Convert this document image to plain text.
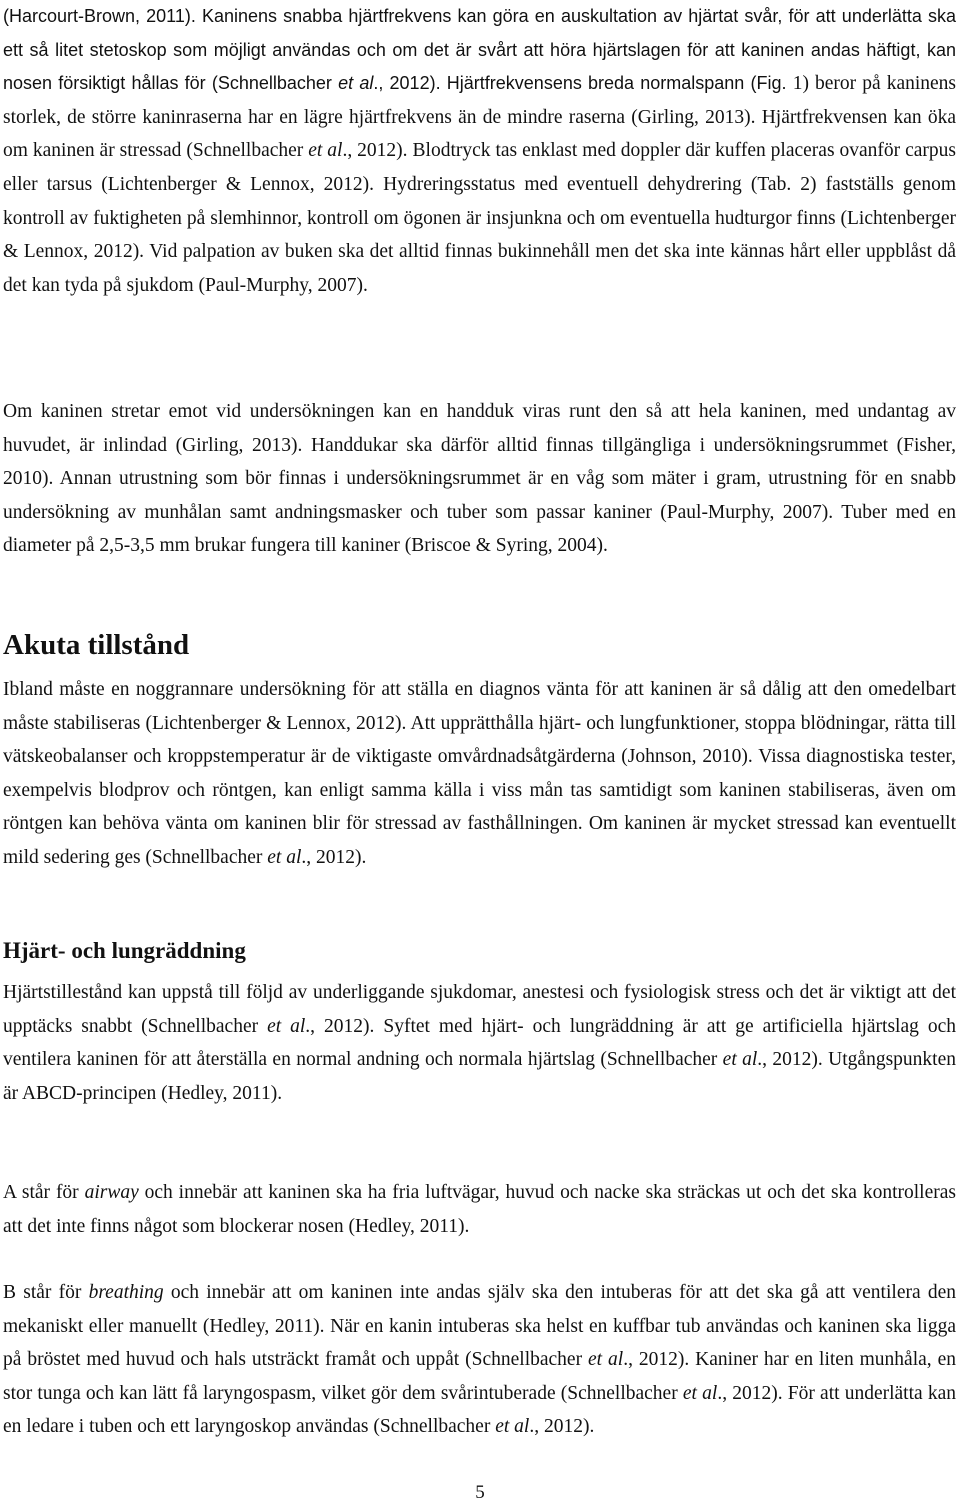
(Harcourt-Brown, 2011). Kaninens snabba hjärtfrekvens kan göra en auskultation av hjärtat svår, för att underlätta ska ett så litet stetoskop som möjligt användas och om det är svårt att höra hjärtslagen för att kaninen andas häftigt, kan nosen försiktigt hållas för (Schnellbacher et al., 2012). Hjärtfrekvensens breda normalspann (Fig. 1) beror på kaninens storlek, de större kaninraserna har en lägre hjärtfrekvens än de mindre raserna (Girling, 2013). Hjärtfrekvensen kan öka om kaninen är stressad (Schnellbacher et al., 2012). Blodtryck tas enklast med doppler där kuffen placeras ovanför carpus eller tarsus (Lichtenberger & Lennox, 2012). Hydreringsstatus med eventuell dehydrering (Tab. 2) fastställs genom kontroll av fuktigheten på slemhinnor, kontroll om ögonen är insjunkna och om eventuella hudturgor finns (Lichtenberger & Lennox, 2012). Vid palpation av buken ska det alltid finnas bukinnehåll men det ska inte kännas hårt eller uppblåst då det kan tyda på sjukdom (Paul-Murphy, 2007).

Om kaninen stretar emot vid undersökningen kan en handduk viras runt den så att hela kaninen, med undantag av huvudet, är inlindad (Girling, 2013). Handdukar ska därför alltid finnas tillgängliga i undersökningsrummet (Fisher, 2010). Annan utrustning som bör finnas i undersökningsrummet är en våg som mäter i gram, utrustning för en snabb undersökning av munhålan samt andningsmasker och tuber som passar kaniner (Paul-Murphy, 2007). Tuber med en diameter på 2,5-3,5 mm brukar fungera till kaniner (Briscoe & Syring, 2004).

Akuta tillstånd

Ibland måste en noggrannare undersökning för att ställa en diagnos vänta för att kaninen är så dålig att den omedelbart måste stabiliseras (Lichtenberger & Lennox, 2012). Att upprätthålla hjärt- och lungfunktioner, stoppa blödningar, rätta till vätskeobalanser och kroppstemperatur är de viktigaste omvårdnadsåtgärderna (Johnson, 2010). Vissa diagnostiska tester, exempelvis blodprov och röntgen, kan enligt samma källa i viss mån tas samtidigt som kaninen stabiliseras, även om röntgen kan behöva vänta om kaninen blir för stressad av fasthållningen. Om kaninen är mycket stressad kan eventuellt mild sedering ges (Schnellbacher et al., 2012).

Hjärt- och lungräddning

Hjärtstillestånd kan uppstå till följd av underliggande sjukdomar, anestesi och fysiologisk stress och det är viktigt att det upptäcks snabbt (Schnellbacher et al., 2012). Syftet med hjärt- och lungräddning är att ge artificiella hjärtslag och ventilera kaninen för att återställa en normal andning och normala hjärtslag (Schnellbacher et al., 2012). Utgångspunkten är ABCD-principen (Hedley, 2011).

A står för airway och innebär att kaninen ska ha fria luftvägar, huvud och nacke ska sträckas ut och det ska kontrolleras att det inte finns något som blockerar nosen (Hedley, 2011).

B står för breathing och innebär att om kaninen inte andas själv ska den intuberas för att det ska gå att ventilera den mekaniskt eller manuellt (Hedley, 2011). När en kanin intuberas ska helst en kuffbar tub användas och kaninen ska ligga på bröstet med huvud och hals utsträckt framåt och uppåt (Schnellbacher et al., 2012). Kaniner har en liten munhåla, en stor tunga och kan lätt få laryngospasm, vilket gör dem svårintuberade (Schnellbacher et al., 2012). För att underlätta kan en ledare i tuben och ett laryngoskop användas (Schnellbacher et al., 2012).

5
